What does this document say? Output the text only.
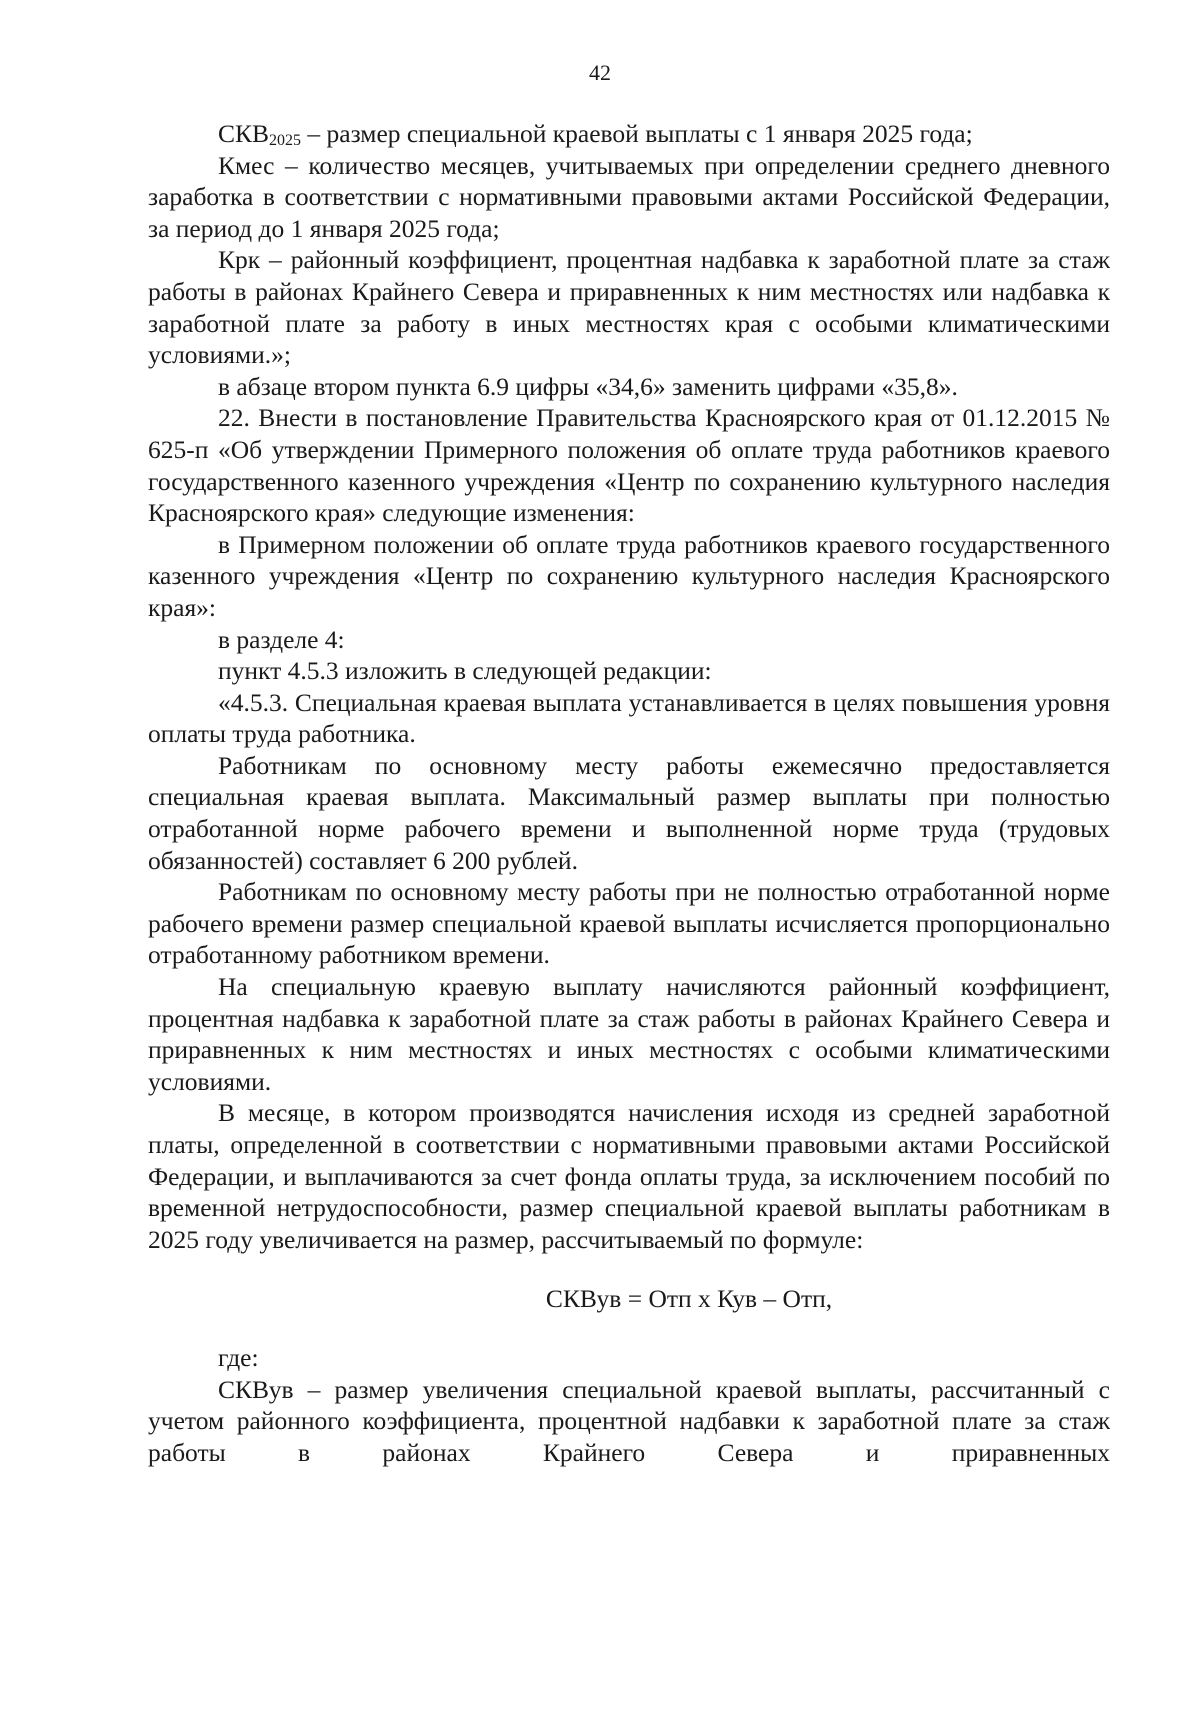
42

$СКВ_{2025}$ – размер специальной краевой выплаты с 1 января 2025 года;

Кмес – количество месяцев, учитываемых при определении среднего дневного заработка в соответствии с нормативными правовыми актами Российской Федерации, за период до 1 января 2025 года;

Крк – районный коэффициент, процентная надбавка к заработной плате за стаж работы в районах Крайнего Севера и приравненных к ним местностях или надбавка к заработной плате за работу в иных местностях края с особыми климатическими условиями.»;

в абзаце втором пункта 6.9 цифры «34,6» заменить цифрами «35,8».

22. Внести в постановление Правительства Красноярского края от 01.12.2015 № 625-п «Об утверждении Примерного положения об оплате труда работников краевого государственного казенного учреждения «Центр по сохранению культурного наследия Красноярского края» следующие изменения:

в Примерном положении об оплате труда работников краевого государственного казенного учреждения «Центр по сохранению культурного наследия Красноярского края»:

в разделе 4:

пункт 4.5.3 изложить в следующей редакции:

«4.5.3. Специальная краевая выплата устанавливается в целях повышения уровня оплаты труда работника.

Работникам по основному месту работы ежемесячно предоставляется специальная краевая выплата. Максимальный размер выплаты при полностью отработанной норме рабочего времени и выполненной норме труда (трудовых обязанностей) составляет 6 200 рублей.

Работникам по основному месту работы при не полностью отработанной норме рабочего времени размер специальной краевой выплаты исчисляется пропорционально отработанному работником времени.

На специальную краевую выплату начисляются районный коэффициент, процентная надбавка к заработной плате за стаж работы в районах Крайнего Севера и приравненных к ним местностях и иных местностях с особыми климатическими условиями.

В месяце, в котором производятся начисления исходя из средней заработной платы, определенной в соответствии с нормативными правовыми актами Российской Федерации, и выплачиваются за счет фонда оплаты труда, за исключением пособий по временной нетрудоспособности, размер специальной краевой выплаты работникам в 2025 году увеличивается на размер, рассчитываемый по формуле:

СКВув = Отп х Кув – Отп,

где:

СКВув – размер увеличения специальной краевой выплаты, рассчитанный с учетом районного коэффициента, процентной надбавки к заработной плате за стаж работы в районах Крайнего Севера и приравненных
